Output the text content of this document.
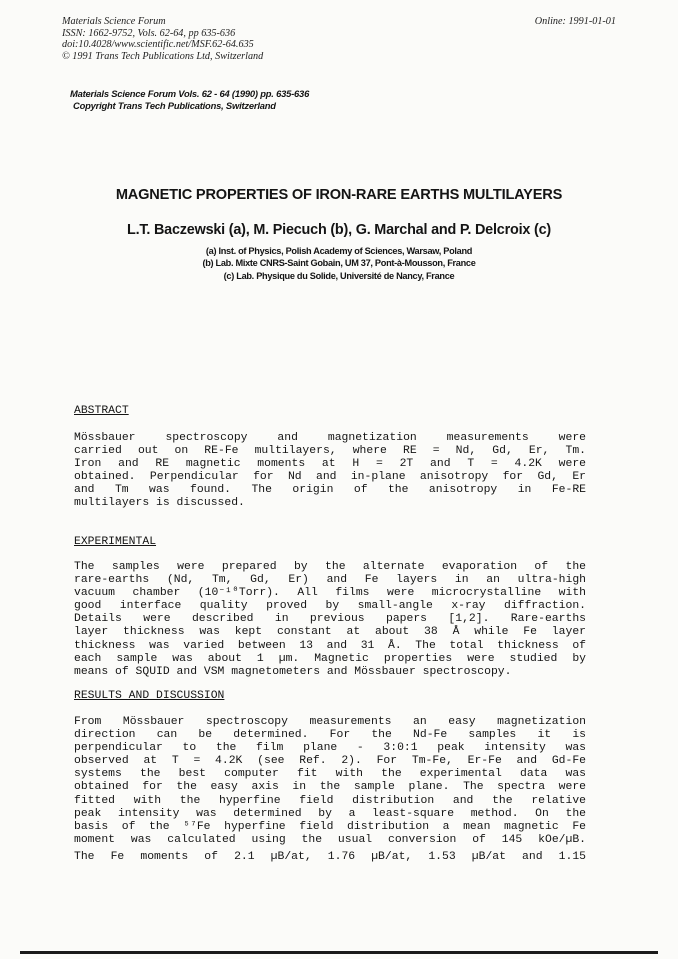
Materials Science Forum
ISSN: 1662-9752, Vols. 62-64, pp 635-636
doi:10.4028/www.scientific.net/MSF.62-64.635
© 1991 Trans Tech Publications Ltd, Switzerland
Online: 1991-01-01
Materials Science Forum Vols. 62 - 64 (1990) pp. 635-636
Copyright Trans Tech Publications, Switzerland
MAGNETIC PROPERTIES OF IRON-RARE EARTHS MULTILAYERS
L.T. Baczewski (a), M. Piecuch (b), G. Marchal and P. Delcroix (c)
(a) Inst. of Physics, Polish Academy of Sciences, Warsaw, Poland
(b) Lab. Mixte CNRS-Saint Gobain, UM 37, Pont-à-Mousson, France
(c) Lab. Physique du Solide, Université de Nancy, France
ABSTRACT
Mössbauer spectroscopy and magnetization measurements were
carried out on RE-Fe multilayers, where RE = Nd, Gd, Er, Tm.
Iron and RE magnetic moments at H = 2T and T = 4.2K were
obtained. Perpendicular for Nd and in-plane anisotropy for Gd, Er
and Tm was found. The origin of the anisotropy in Fe-RE
multilayers is discussed.
EXPERIMENTAL
The samples were prepared by the alternate evaporation of the
rare-earths (Nd, Tm, Gd, Er) and Fe layers in an ultra-high
vacuum chamber (10⁻¹⁰Torr). All films were microcrystalline with
good interface quality proved by small-angle x-ray diffraction.
Details were described in previous papers [1,2]. Rare-earths
layer thickness was kept constant at about 38 Å while Fe layer
thickness was varied between 13 and 31 Å. The total thickness of
each sample was about 1 µm. Magnetic properties were studied by
means of SQUID and VSM magnetometers and Mössbauer spectroscopy.
RESULTS AND DISCUSSION
From Mössbauer spectroscopy measurements an easy magnetization
direction can be determined. For the Nd-Fe samples it is
perpendicular to the film plane - 3:0:1 peak intensity was
observed at T = 4.2K (see Ref. 2). For Tm-Fe, Er-Fe and Gd-Fe
systems the best computer fit with the experimental data was
obtained for the easy axis in the sample plane. The spectra were
fitted with the hyperfine field distribution and the relative
peak intensity was determined by a least-square method. On the
basis of the ⁵⁷Fe hyperfine field distribution a mean magnetic Fe
moment was calculated using the usual conversion of 145 kOe/µB.
The Fe moments of 2.1 µB/at, 1.76 µB/at, 1.53 µB/at and 1.15
